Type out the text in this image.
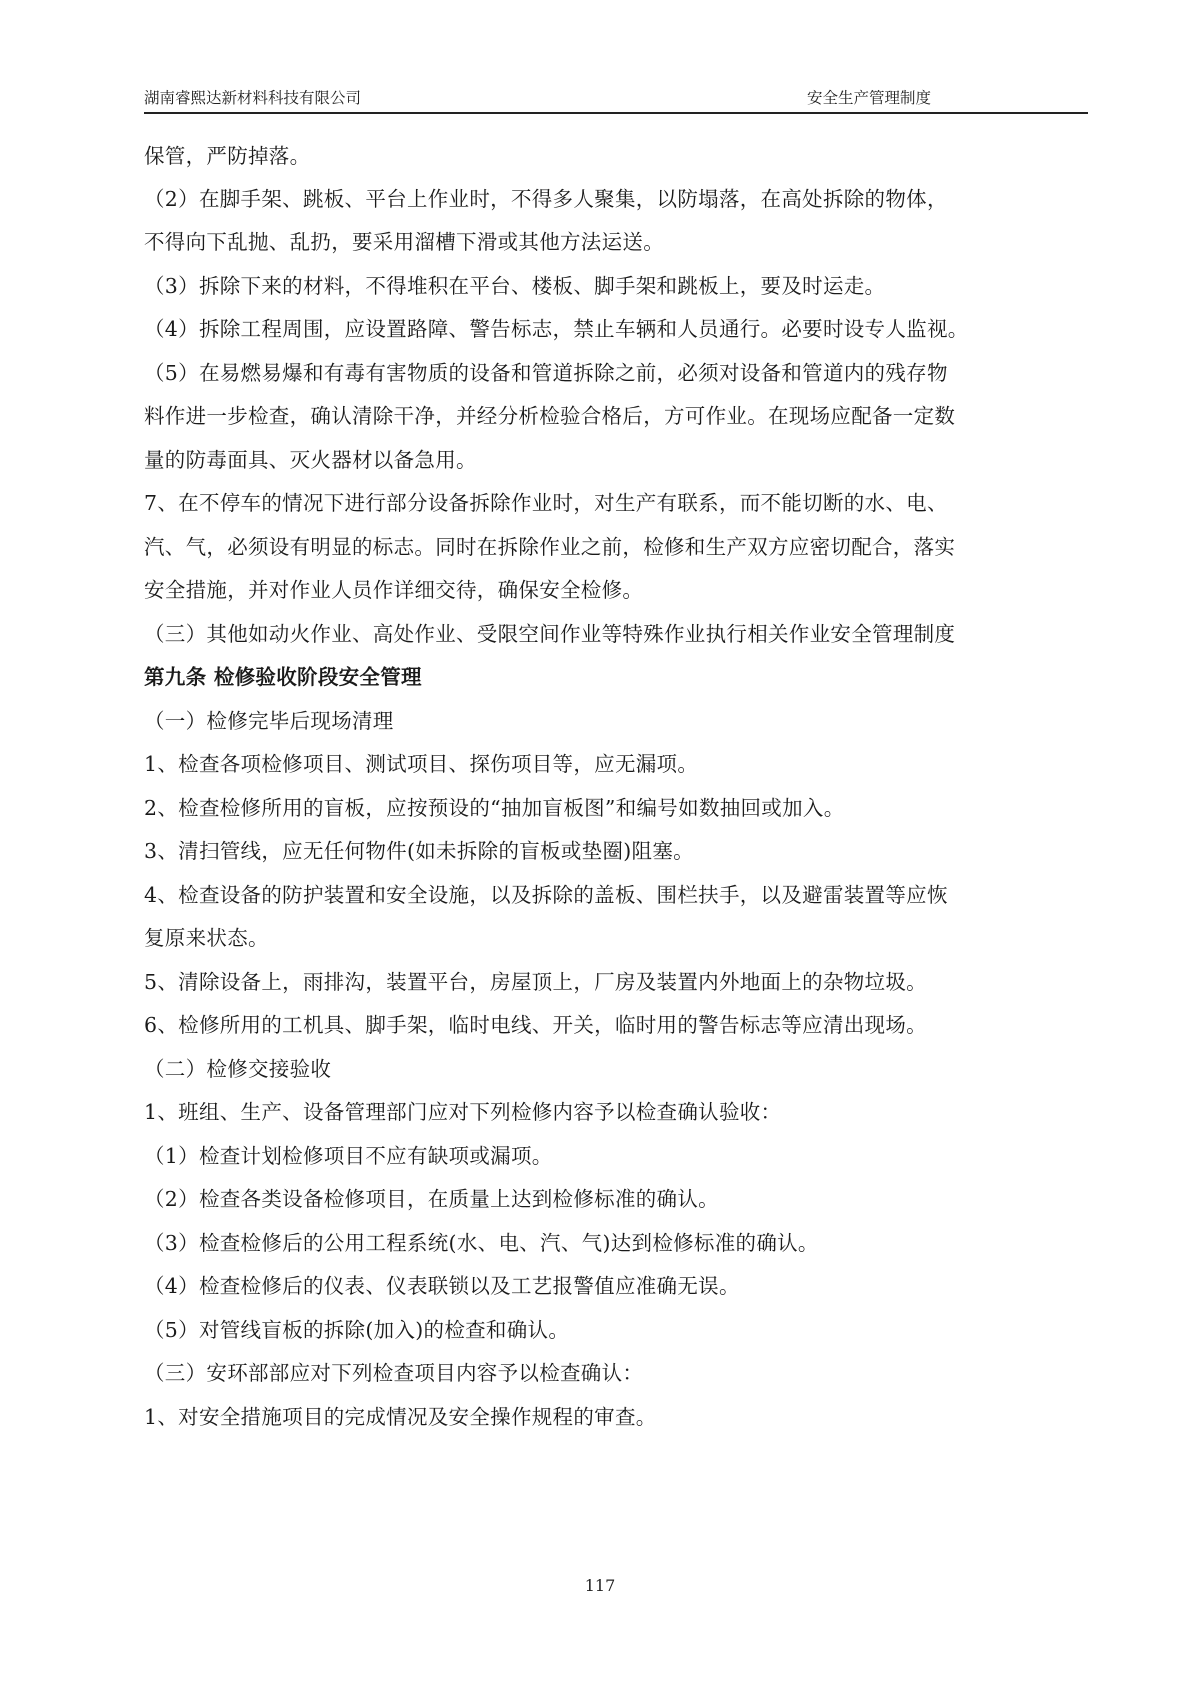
湖南睿熙达新材料科技有限公司	安全生产管理制度
保管，严防掉落。
（2）在脚手架、跳板、平台上作业时，不得多人聚集，以防塌落，在高处拆除的物体，
不得向下乱抛、乱扔，要采用溜槽下滑或其他方法运送。
（3）拆除下来的材料，不得堆积在平台、楼板、脚手架和跳板上，要及时运走。
（4）拆除工程周围，应设置路障、警告标志，禁止车辆和人员通行。必要时设专人监视。
（5）在易燃易爆和有毒有害物质的设备和管道拆除之前，必须对设备和管道内的残存物
料作进一步检查，确认清除干净，并经分析检验合格后，方可作业。在现场应配备一定数
量的防毒面具、灭火器材以备急用。
7、在不停车的情况下进行部分设备拆除作业时，对生产有联系，而不能切断的水、电、
汽、气，必须设有明显的标志。同时在拆除作业之前，检修和生产双方应密切配合，落实
安全措施，并对作业人员作详细交待，确保安全检修。
（三）其他如动火作业、高处作业、受限空间作业等特殊作业执行相关作业安全管理制度
第九条 检修验收阶段安全管理
（一）检修完毕后现场清理
1、检查各项检修项目、测试项目、探伤项目等，应无漏项。
2、检查检修所用的盲板，应按预设的“抽加盲板图”和编号如数抽回或加入。
3、清扫管线，应无任何物件(如未拆除的盲板或垫圈)阻塞。
4、检查设备的防护装置和安全设施，以及拆除的盖板、围栏扶手，以及避雷装置等应恢
复原来状态。
5、清除设备上，雨排沟，装置平台，房屋顶上，厂房及装置内外地面上的杂物垃圾。
6、检修所用的工机具、脚手架，临时电线、开关，临时用的警告标志等应清出现场。
（二）检修交接验收
1、班组、生产、设备管理部门应对下列检修内容予以检查确认验收：
（1）检查计划检修项目不应有缺项或漏项。
（2）检查各类设备检修项目，在质量上达到检修标准的确认。
（3）检查检修后的公用工程系统(水、电、汽、气)达到检修标准的确认。
（4）检查检修后的仪表、仪表联锁以及工艺报警值应准确无误。
（5）对管线盲板的拆除(加入)的检查和确认。
（三）安环部部应对下列检查项目内容予以检查确认：
1、对安全措施项目的完成情况及安全操作规程的审查。
117
